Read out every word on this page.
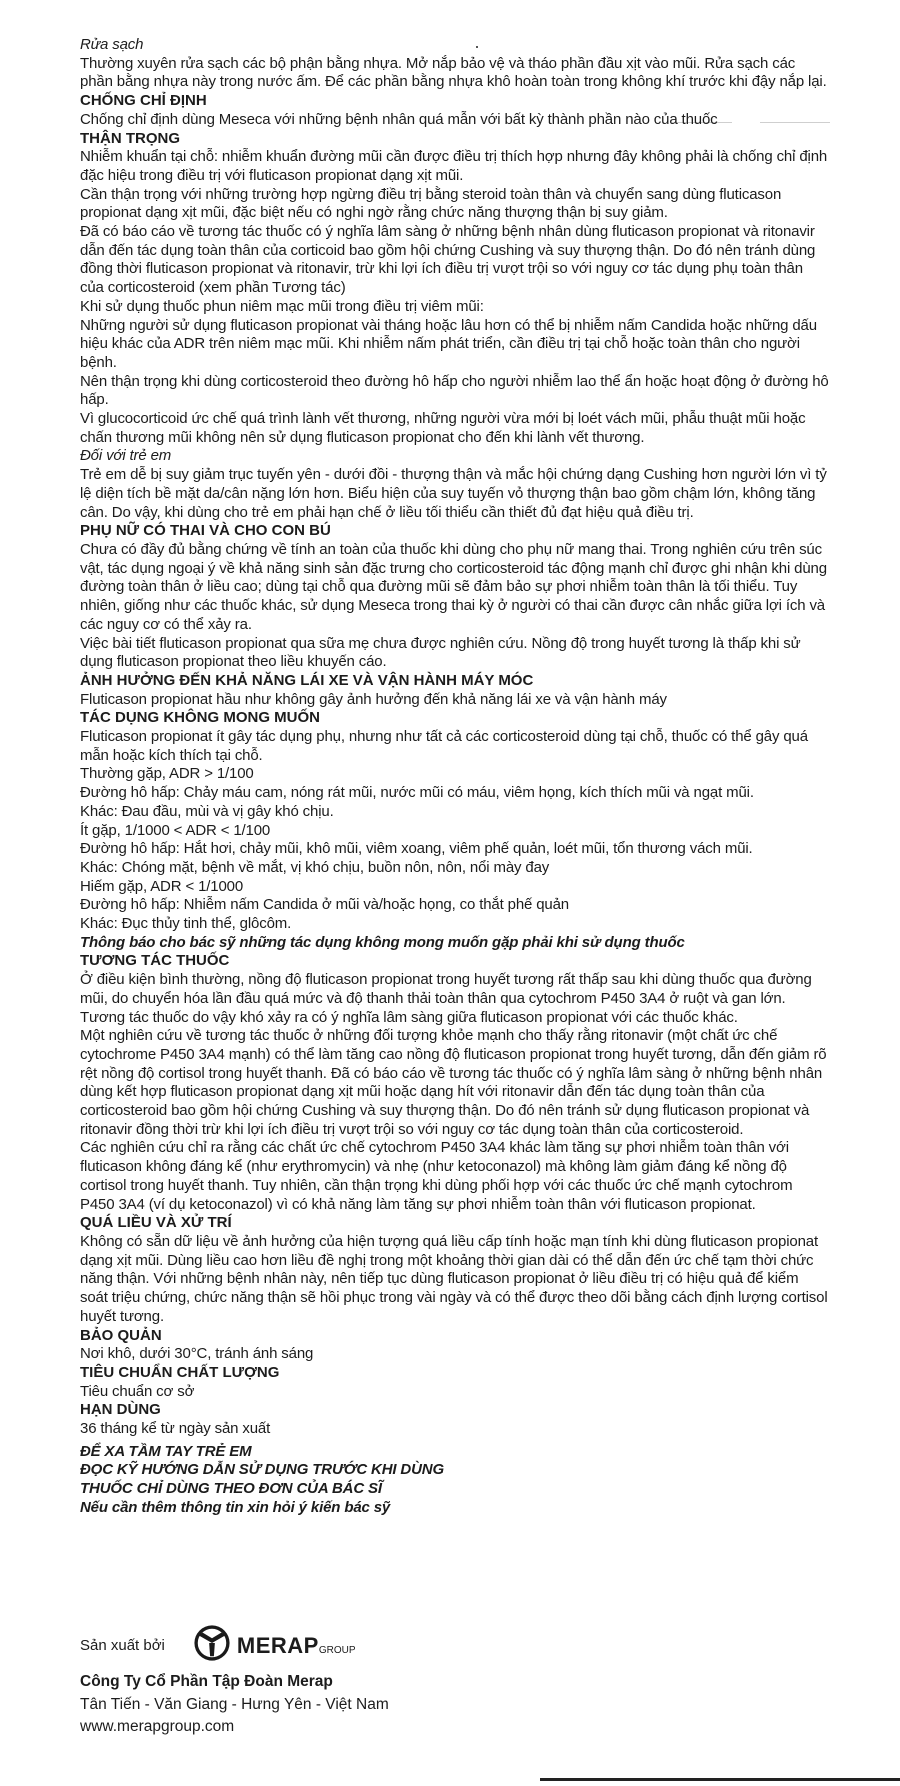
Rửa sạch

Thường xuyên rửa sạch các bộ phận bằng nhựa. Mở nắp bảo vệ và tháo phần đầu xịt vào mũi. Rửa sạch các phần bằng nhựa này trong nước ấm. Để các phần bằng nhựa khô hoàn toàn trong không khí trước khi đậy nắp lại.

CHỐNG CHỈ ĐỊNH

Chống chỉ định dùng Meseca với những bệnh nhân quá mẫn với bất kỳ thành phần nào của thuốc

THẬN TRỌNG

Nhiễm khuẩn tại chỗ: nhiễm khuẩn đường mũi cần được điều trị thích hợp nhưng đây không phải là chống chỉ định đặc hiệu trong điều trị với fluticason propionat dạng xịt mũi.

Cần thận trọng với những trường hợp ngừng điều trị bằng steroid toàn thân và chuyển sang dùng fluticason propionat dạng xịt mũi, đặc biệt nếu có nghi ngờ rằng chức năng thượng thận bị suy giảm.

Đã có báo cáo về tương tác thuốc có ý nghĩa lâm sàng ở những bệnh nhân dùng fluticason propionat và ritonavir dẫn đến tác dụng toàn thân của corticoid bao gồm hội chứng Cushing và suy thượng thận. Do đó nên tránh dùng đồng thời fluticason propionat và ritonavir, trừ khi lợi ích điều trị vượt trội so với nguy cơ tác dụng phụ toàn thân của corticosteroid (xem phần Tương tác)

Khi sử dụng thuốc phun niêm mạc mũi trong điều trị viêm mũi:

Những người sử dụng fluticason propionat vài tháng hoặc lâu hơn có thể bị nhiễm nấm Candida hoặc những dấu hiệu khác của ADR trên niêm mạc mũi. Khi nhiễm nấm phát triển, cần điều trị tại chỗ hoặc toàn thân cho người bệnh.

Nên thận trọng khi dùng corticosteroid theo đường hô hấp cho người nhiễm lao thể ẩn hoặc hoạt động ở đường hô hấp.

Vì glucocorticoid ức chế quá trình lành vết thương, những người vừa mới bị loét vách mũi, phẫu thuật mũi hoặc chấn thương mũi không nên sử dụng fluticason propionat cho đến khi lành vết thương.

Đối với trẻ em

Trẻ em dễ bị suy giảm trục tuyến yên - dưới đồi - thượng thận và mắc hội chứng dạng Cushing hơn người lớn vì tỷ lệ diện tích bề mặt da/cân nặng lớn hơn. Biểu hiện của suy tuyến vỏ thượng thận bao gồm chậm lớn, không tăng cân. Do vậy, khi dùng cho trẻ em phải hạn chế ở liều tối thiểu cần thiết đủ đạt hiệu quả điều trị.

PHỤ NỮ CÓ THAI VÀ CHO CON BÚ

Chưa có đầy đủ bằng chứng về tính an toàn của thuốc khi dùng cho phụ nữ mang thai. Trong nghiên cứu trên súc vật, tác dụng ngoại ý về khả năng sinh sản đặc trưng cho corticosteroid tác động mạnh chỉ được ghi nhận khi dùng đường toàn thân ở liều cao; dùng tại chỗ qua đường mũi sẽ đảm bảo sự phơi nhiễm toàn thân là tối thiểu. Tuy nhiên, giống như các thuốc khác, sử dụng Meseca trong thai kỳ ở người có thai cần được cân nhắc giữa lợi ích và các nguy cơ có thể xảy ra.

Việc bài tiết fluticason propionat qua sữa mẹ chưa được nghiên cứu. Nồng độ trong huyết tương là thấp khi sử dụng fluticason propionat theo liều khuyến cáo.

ẢNH HƯỞNG ĐẾN KHẢ NĂNG LÁI XE VÀ VẬN HÀNH MÁY MÓC

Fluticason propionat hầu như không gây ảnh hưởng đến khả năng lái xe và vận hành máy

TÁC DỤNG KHÔNG MONG MUỐN

Fluticason propionat ít gây tác dụng phụ, nhưng như tất cả các corticosteroid dùng tại chỗ, thuốc có thể gây quá mẫn hoặc kích thích tại chỗ.

Thường gặp, ADR > 1/100

Đường hô hấp: Chảy máu cam, nóng rát mũi, nước mũi có máu, viêm họng, kích thích mũi và ngạt mũi.

Khác: Đau đầu, mùi và vị gây khó chịu.

Ít gặp, 1/1000 < ADR < 1/100

Đường hô hấp: Hắt hơi, chảy mũi, khô mũi, viêm xoang, viêm phế quản, loét mũi, tổn thương vách mũi.

Khác: Chóng mặt, bệnh về mắt, vị khó chịu, buồn nôn, nôn, nổi mày đay

Hiếm gặp, ADR < 1/1000

Đường hô hấp: Nhiễm nấm Candida ở mũi và/hoặc họng, co thắt phế quản

Khác: Đục thủy tinh thể, glôcôm.

Thông báo cho bác sỹ những tác dụng không mong muốn gặp phải khi sử dụng thuốc

TƯƠNG TÁC THUỐC

Ở điều kiện bình thường, nồng độ fluticason propionat trong huyết tương rất thấp sau khi dùng thuốc qua đường mũi, do chuyển hóa lần đầu quá mức và độ thanh thải toàn thân qua cytochrom P450 3A4 ở ruột và gan lớn. Tương tác thuốc do vậy khó xảy ra có ý nghĩa lâm sàng giữa fluticason propionat với các thuốc khác.

Một nghiên cứu về tương tác thuốc ở những đối tượng khỏe mạnh cho thấy rằng ritonavir (một chất ức chế cytochrome P450 3A4 mạnh) có thể làm tăng cao nồng độ fluticason propionat trong huyết tương, dẫn đến giảm rõ rệt nồng độ cortisol trong huyết thanh. Đã có báo cáo về tương tác thuốc có ý nghĩa lâm sàng ở những bệnh nhân dùng kết hợp fluticason propionat dạng xịt mũi hoặc dạng hít với ritonavir dẫn đến tác dụng toàn thân của corticosteroid bao gồm hội chứng Cushing và suy thượng thận. Do đó nên tránh sử dụng fluticason propionat và ritonavir đồng thời trừ khi lợi ích điều trị vượt trội so với nguy cơ tác dụng toàn thân của corticosteroid.

Các nghiên cứu chỉ ra rằng các chất ức chế cytochrom P450 3A4 khác làm tăng sự phơi nhiễm toàn thân với fluticason không đáng kể (như erythromycin) và nhẹ (như ketoconazol) mà không làm giảm đáng kể nồng độ cortisol trong huyết thanh. Tuy nhiên, cần thận trọng khi dùng phối hợp với các thuốc ức chế mạnh cytochrom P450 3A4 (ví dụ ketoconazol) vì có khả năng làm tăng sự phơi nhiễm toàn thân với fluticason propionat.

QUÁ LIỀU VÀ XỬ TRÍ

Không có sẵn dữ liệu về ảnh hưởng của hiện tượng quá liều cấp tính hoặc mạn tính khi dùng fluticason propionat dạng xịt mũi. Dùng liều cao hơn liều đề nghị trong một khoảng thời gian dài có thể dẫn đến ức chế tạm thời chức năng thận. Với những bệnh nhân này, nên tiếp tục dùng fluticason propionat ở liều điều trị có hiệu quả để kiểm soát triệu chứng, chức năng thận sẽ hồi phục trong vài ngày và có thể được theo dõi bằng cách định lượng cortisol huyết tương.

BẢO QUẢN

Nơi khô, dưới 30°C, tránh ánh sáng

TIÊU CHUẨN CHẤT LƯỢNG

Tiêu chuẩn cơ sở

HẠN DÙNG

36 tháng kể từ ngày sản xuất

ĐỂ XA TẦM TAY TRẺ EM

ĐỌC KỸ HƯỚNG DẪN SỬ DỤNG TRƯỚC KHI DÙNG

THUỐC CHỈ DÙNG THEO ĐƠN CỦA BÁC SĨ

Nếu cần thêm thông tin xin hỏi ý kiến bác sỹ

Sản xuất bởi	MERAPGROUP
Công Ty Cổ Phần Tập Đoàn Merap
Tân Tiến - Văn Giang - Hưng Yên - Việt Nam
www.merapgroup.com
